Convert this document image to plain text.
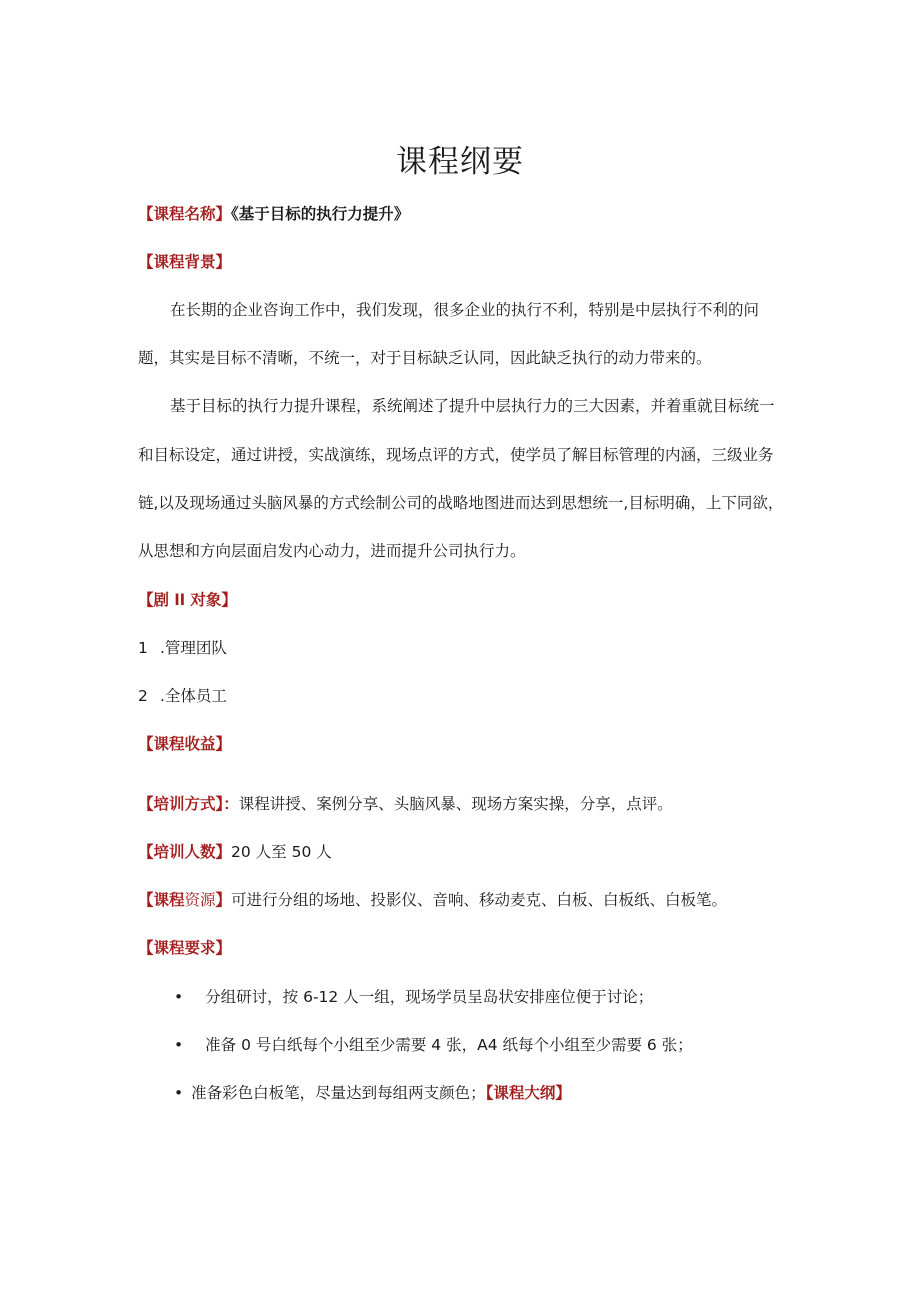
课程纲要
【课程名称】《基于目标的执行力提升》
【课程背景】
在长期的企业咨询工作中，我们发现，很多企业的执行不利，特别是中层执行不利的问
题，其实是目标不清晰，不统一，对于目标缺乏认同，因此缺乏执行的动力带来的。
基于目标的执行力提升课程，系统阐述了提升中层执行力的三大因素，并着重就目标统一
和目标设定，通过讲授，实战演练，现场点评的方式，使学员了解目标管理的内涵，三级业务
链,以及现场通过头脑风暴的方式绘制公司的战略地图进而达到思想统一,目标明确，上下同欲，
从思想和方向层面启发内心动力，进而提升公司执行力。
【剧 ll 对象】
1 .管理团队
2 .全体员工
【课程收益】
【培训方式】：课程讲授、案例分享、头脑风暴、现场方案实操，分享，点评。
【培训人数】20 人至 50 人
【课程资源】可进行分组的场地、投影仪、音响、移动麦克、白板、白板纸、白板笔。
【课程要求】
• 分组研讨，按 6-12 人一组，现场学员呈岛状安排座位便于讨论；
• 准备 0 号白纸每个小组至少需要 4 张，A4 纸每个小组至少需要 6 张；
• 准备彩色白板笔，尽量达到每组两支颜色；【课程大纲】
